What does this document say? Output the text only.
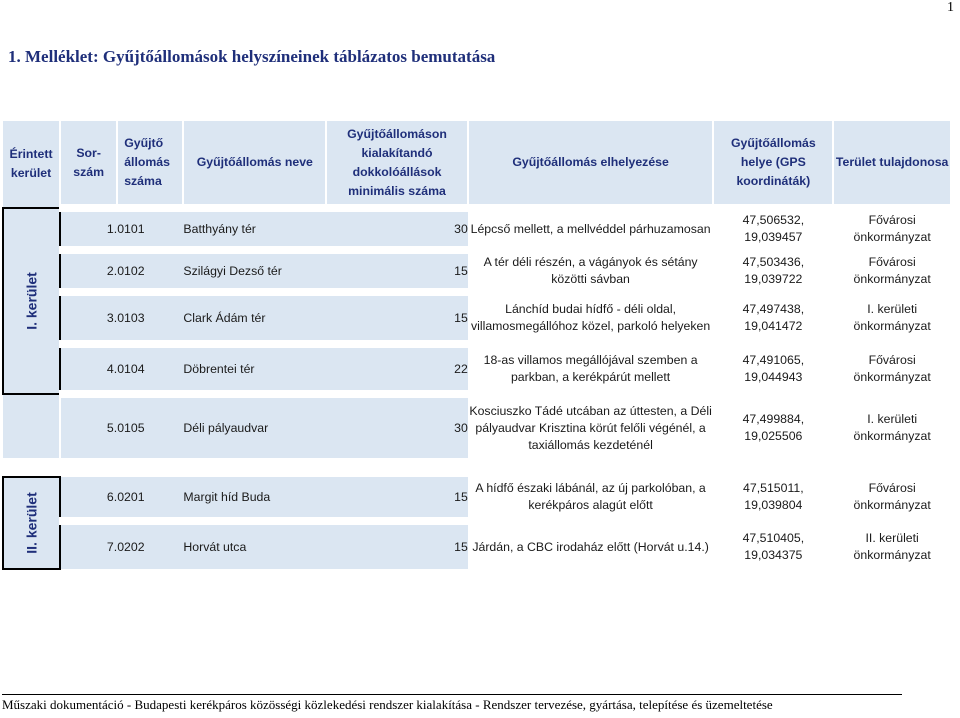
1
1. Melléklet: Gyűjtőállomások helyszíneinek táblázatos bemutatása
Érintett kerület	Sor-szám	Gyűjtő állomás száma	Gyűjtőállomás neve	Gyűjtőállomáson kialakítandó dokkolóállások minimális száma	Gyűjtőállomás elhelyezése	Gyűjtőállomás helye (GPS koordináták)	Terület tulajdonosa

I. kerület	1.	0101	Batthyány tér	30	Lépcső mellett, a mellvéddel párhuzamosan	47,506532, 19,039457	Fővárosi önkormányzat
	2.	0102	Szilágyi Dezső tér	15	A tér déli részén, a vágányok és sétány közötti sávban	47,503436, 19,039722	Fővárosi önkormányzat
	3.	0103	Clark Ádám tér	15	Lánchíd budai hídfő - déli oldal, villamosmegállóhoz közel, parkoló helyeken	47,497438, 19,041472	I. kerületi önkormányzat
	4.	0104	Döbrentei tér	22	18-as villamos megállójával szemben a parkban, a kerékpárút mellett	47,491065, 19,044943	Fővárosi önkormányzat
	5.	0105	Déli pályaudvar	30	Kosciuszko Tádé utcában az úttesten, a Déli pályaudvar Krisztina körút felőli végénél, a taxiállomás kezdeténél	47,499884, 19,025506	I. kerületi önkormányzat

II. kerület	6.	0201	Margit híd Buda	15	A hídfő északi lábánál, az új parkolóban, a kerékpáros alagút előtt	47,515011, 19,039804	Fővárosi önkormányzat
	7.	0202	Horvát utca	15	Járdán, a CBC irodaház előtt (Horvát u.14.)	47,510405, 19,034375	II. kerületi önkormányzat
Műszaki dokumentáció - Budapesti kerékpáros közösségi közlekedési rendszer kialakítása - Rendszer tervezése, gyártása, telepítése és üzemeltetése
